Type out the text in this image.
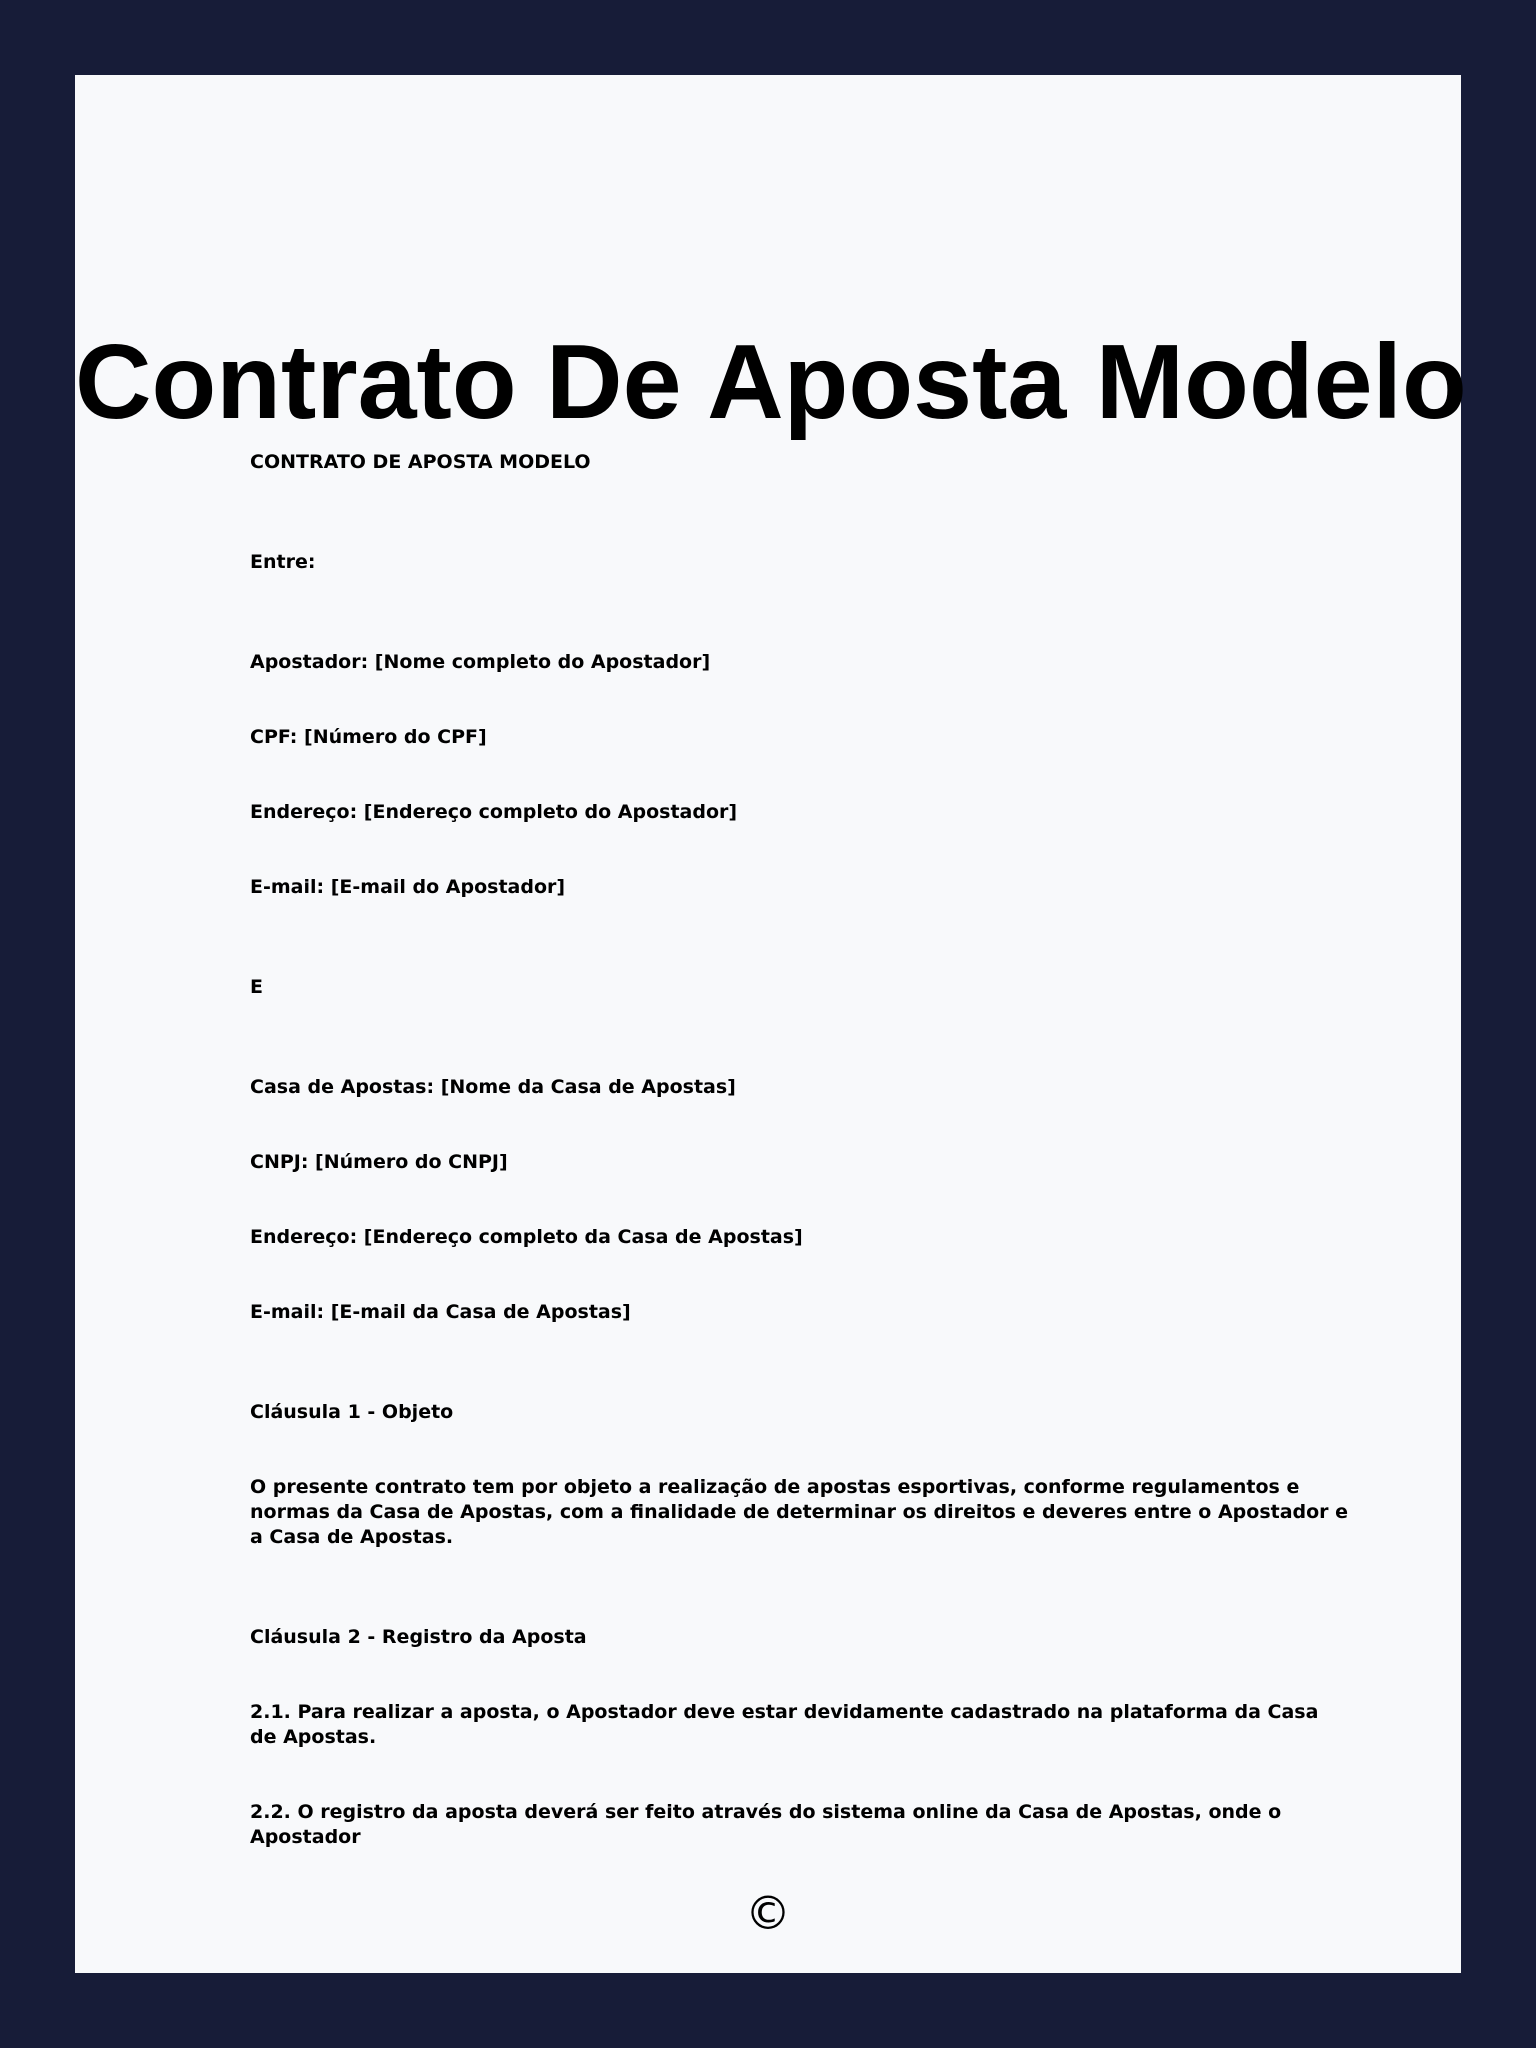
Contrato De Aposta Modelo

CONTRATO DE APOSTA MODELO

Entre:

Apostador: [Nome completo do Apostador]

CPF: [Número do CPF]

Endereço: [Endereço completo do Apostador]

E-mail: [E-mail do Apostador]

E

Casa de Apostas: [Nome da Casa de Apostas]

CNPJ: [Número do CNPJ]

Endereço: [Endereço completo da Casa de Apostas]

E-mail: [E-mail da Casa de Apostas]

Cláusula 1 - Objeto

O presente contrato tem por objeto a realização de apostas esportivas, conforme regulamentos e normas da Casa de Apostas, com a finalidade de determinar os direitos e deveres entre o Apostador e a Casa de Apostas.

Cláusula 2 - Registro da Aposta

2.1. Para realizar a aposta, o Apostador deve estar devidamente cadastrado na plataforma da Casa de Apostas.

2.2. O registro da aposta deverá ser feito através do sistema online da Casa de Apostas, onde o Apostador

©
